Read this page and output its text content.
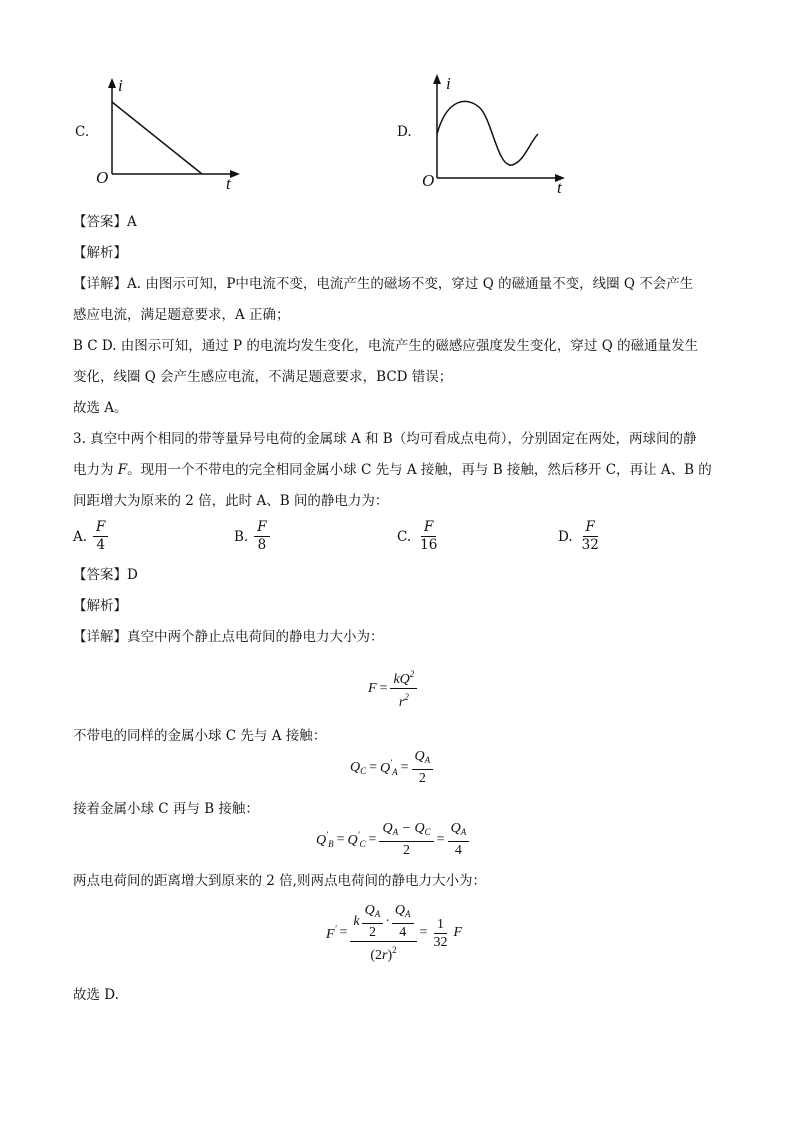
C.
i
t
O
D.
i
t
O
【答案】A
【解析】
【详解】A. 由图示可知，P中电流不变，电流产生的磁场不变，穿过 Q 的磁通量不变，线圈 Q 不会产生
感应电流，满足题意要求，A 正确；
B C D. 由图示可知，通过 P 的电流均发生变化，电流产生的磁感应强度发生变化，穿过 Q 的磁通量发生
变化，线圈 Q 会产生感应电流，不满足题意要求，BCD 错误；
故选 A。
3. 真空中两个相同的带等量异号电荷的金属球 A 和 B（均可看成点电荷），分别固定在两处，两球间的静
电力为 F。现用一个不带电的完全相同金属小球 C 先与 A 接触，再与 B 接触，然后移开 C，再让 A、B 的
间距增大为原来的 2 倍，此时 A、B 间的静电力为：
A. $\frac{F}{4}$	B. $\frac{F}{8}$	C. $\frac{F}{16}$	D. $\frac{F}{32}$
【答案】D
【解析】
【详解】真空中两个静止点电荷间的静电力大小为：
$F = \frac{kQ^2}{r^2}$
不带电的同样的金属小球 C 先与 A 接触：
$Q_C = Q'_A = \frac{Q_A}{2}$
接着金属小球 C 再与 B 接触：
$Q'_B = Q'_C = \frac{Q_A - Q_C}{2} = \frac{Q_A}{4}$
两点电荷间的距离增大到原来的 2 倍,则两点电荷间的静电力大小为：
$F' = \frac{k \frac{Q_A}{2} \cdot \frac{Q_A}{4}}{(2r)^2} = \frac{1}{32}$ F
故选 D.
